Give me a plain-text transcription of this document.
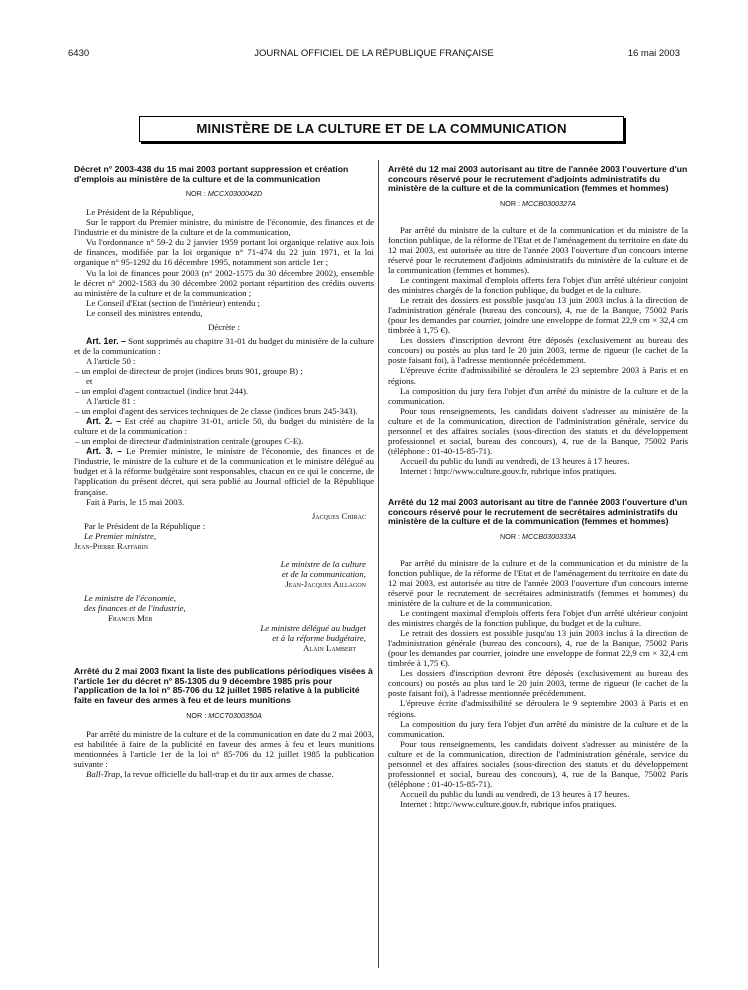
6430	JOURNAL OFFICIEL DE LA RÉPUBLIQUE FRANÇAISE	16 mai 2003
MINISTÈRE DE LA CULTURE ET DE LA COMMUNICATION
Décret n° 2003-438 du 15 mai 2003 portant suppression et création d'emplois au ministère de la culture et de la communication
NOR : MCCX0300042D

Le Président de la République,

Sur le rapport du Premier ministre, du ministre de l'économie, des finances et de l'industrie et du ministre de la culture et de la communication,

Vu l'ordonnance n° 59-2 du 2 janvier 1959 portant loi organique relative aux lois de finances, modifiée par la loi organique n° 71-474 du 22 juin 1971, et la loi organique n° 95-1292 du 16 décembre 1995, notamment son article 1er ;

Vu la loi de finances pour 2003 (n° 2002-1575 du 30 décembre 2002), ensemble le décret n° 2002-1583 du 30 décembre 2002 portant répartition des crédits ouverts au ministère de la culture et de la communication ;

Le Conseil d'Etat (section de l'intérieur) entendu ;

Le conseil des ministres entendu,

Décrète :

Art. 1er. – Sont supprimés au chapitre 31-01 du budget du ministère de la culture et de la communication :

A l'article 50 :

– un emploi de directeur de projet (indices bruts 901, groupe B) ;

et

– un emploi d'agent contractuel (indice brut 244).

A l'article 81 :

– un emploi d'agent des services techniques de 2e classe (indices bruts 245-343).

Art. 2. – Est créé au chapitre 31-01, article 50, du budget du ministère de la culture et de la communication :

– un emploi de directeur d'administration centrale (groupes C-E).

Art. 3. – Le Premier ministre, le ministre de l'économie, des finances et de l'industrie, le ministre de la culture et de la communication et le ministre délégué au budget et à la réforme budgétaire sont responsables, chacun en ce qui le concerne, de l'application du présent décret, qui sera publié au Journal officiel de la République française.

Fait à Paris, le 15 mai 2003.

Jacques Chirac

Par le Président de la République :

Le Premier ministre,

Jean-Pierre Raffarin

Le ministre de la culture

et de la communication,

Jean-Jacques Aillagon

Le ministre de l'économie,

des finances et de l'industrie,

Francis Mer

Le ministre délégué au budget

et à la réforme budgétaire,

Alain Lambert

Arrêté du 2 mai 2003 fixant la liste des publications périodiques visées à l'article 1er du décret n° 85-1305 du 9 décembre 1985 pris pour l'application de la loi n° 85-706 du 12 juillet 1985 relative à la publicité faite en faveur des armes à feu et de leurs munitions
NOR : MCCT0300350A

Par arrêté du ministre de la culture et de la communication en date du 2 mai 2003, est habilitée à faire de la publicité en faveur des armes à feu et leurs munitions mentionnées à l'article 1er de la loi n° 85-706 du 12 juillet 1985 la publication suivante :

Ball-Trap, la revue officielle du ball-trap et du tir aux armes de chasse.

Arrêté du 12 mai 2003 autorisant au titre de l'année 2003 l'ouverture d'un concours réservé pour le recrutement d'adjoints administratifs du ministère de la culture et de la communication (femmes et hommes)
NOR : MCCB0300327A

Par arrêté du ministre de la culture et de la communication et du ministre de la fonction publique, de la réforme de l'Etat et de l'aménagement du territoire en date du 12 mai 2003, est autorisée au titre de l'année 2003 l'ouverture d'un concours interne réservé pour le recrutement d'adjoints administratifs du ministère de la culture et de la communication (femmes et hommes).

Le contingent maximal d'emplois offerts fera l'objet d'un arrêté ultérieur conjoint des ministres chargés de la fonction publique, du budget et de la culture.

Le retrait des dossiers est possible jusqu'au 13 juin 2003 inclus à la direction de l'administration générale (bureau des concours), 4, rue de la Banque, 75002 Paris (pour les demandes par courrier, joindre une enveloppe de format 22,9 cm × 32,4 cm timbrée à 1,75 €).

Les dossiers d'inscription devront être déposés (exclusivement au bureau des concours) ou postés au plus tard le 20 juin 2003, terme de rigueur (le cachet de la poste faisant foi), à l'adresse mentionnée précédemment.

L'épreuve écrite d'admissibilité se déroulera le 23 septembre 2003 à Paris et en régions.

La composition du jury fera l'objet d'un arrêté du ministre de la culture et de la communication.

Pour tous renseignements, les candidats doivent s'adresser au ministère de la culture et de la communication, direction de l'administration générale, service du personnel et des affaires sociales (sous-direction des statuts et du développement professionnel et social, bureau des concours), 4, rue de la Banque, 75002 Paris (téléphone : 01-40-15-85-71).

Accueil du public du lundi au vendredi, de 13 heures à 17 heures.

Internet : http://www.culture.gouv.fr, rubrique infos pratiques.

Arrêté du 12 mai 2003 autorisant au titre de l'année 2003 l'ouverture d'un concours réservé pour le recrutement de secrétaires administratifs du ministère de la culture et de la communication (femmes et hommes)
NOR : MCCB0300333A

Par arrêté du ministre de la culture et de la communication et du ministre de la fonction publique, de la réforme de l'Etat et de l'aménagement du territoire en date du 12 mai 2003, est autorisée au titre de l'année 2003 l'ouverture d'un concours interne réservé pour le recrutement de secrétaires administratifs (femmes et hommes) du ministère de la culture et de la communication.

Le contingent maximal d'emplois offerts fera l'objet d'un arrêté ultérieur conjoint des ministres chargés de la fonction publique, du budget et de la culture.

Le retrait des dossiers est possible jusqu'au 13 juin 2003 inclus à la direction de l'administration générale (bureau des concours), 4, rue de la Banque, 75002 Paris (pour les demandes par courrier, joindre une enveloppe de format 22,9 cm × 32,4 cm timbrée à 1,75 €).

Les dossiers d'inscription devront être déposés (exclusivement au bureau des concours) ou postés au plus tard le 20 juin 2003, terme de rigueur (le cachet de la poste faisant foi), à l'adresse mentionnée précédemment.

L'épreuve écrite d'admissibilité se déroulera le 9 septembre 2003 à Paris et en régions.

La composition du jury fera l'objet d'un arrêté du ministre de la culture et de la communication.

Pour tous renseignements, les candidats doivent s'adresser au ministère de la culture et de la communication, direction de l'administration générale, service du personnel et des affaires sociales (sous-direction des statuts et du développement professionnel et social, bureau des concours), 4, rue de la Banque, 75002 Paris (téléphone : 01-40-15-85-71).

Accueil du public du lundi au vendredi, de 13 heures à 17 heures.

Internet : http://www.culture.gouv.fr, rubrique infos pratiques.
